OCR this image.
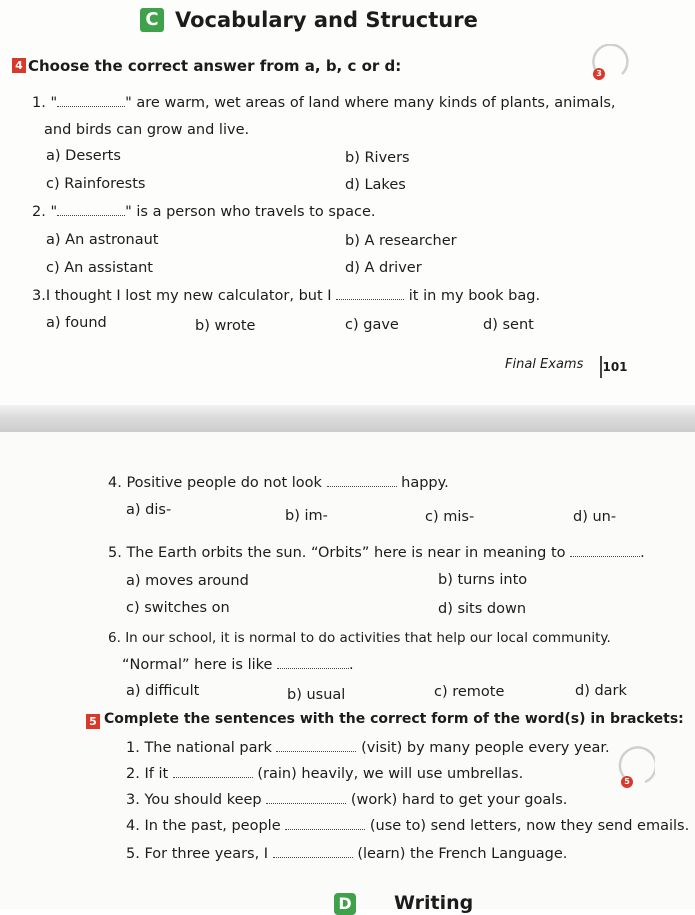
C Vocabulary and Structure
4 Choose the correct answer from a, b, c or d:	3
1. "	" are warm, wet areas of land where many kinds of plants, animals,
and birds can grow and live.
a) Deserts	b) Rivers
c) Rainforests	d) Lakes
2. "	" is a person who travels to space.
a) An astronaut	b) A researcher
c) An assistant	d) A driver
3.I thought I lost my new calculator, but I	it in my book bag.
a) found	b) wrote	c) gave	d) sent
Final Exams 101
4. Positive people do not look	happy.
a) dis-	b) im-	c) mis-	d) un-
5. The Earth orbits the sun. “Orbits” here is near in meaning to	.
a) moves around	b) turns into
c) switches on	d) sits down
6. In our school, it is normal to do activities that help our local community.
“Normal” here is like	.
a) difficult	b) usual	c) remote	d) dark
5 Complete the sentences with the correct form of the word(s) in brackets:
5
1. The national park	(visit) by many people every year.
2. If it	(rain) heavily, we will use umbrellas.
3. You should keep	(work) hard to get your goals.
4. In the past, people	(use to) send letters, now they send emails.
5. For three years, I	(learn) the French Language.
D Writing
